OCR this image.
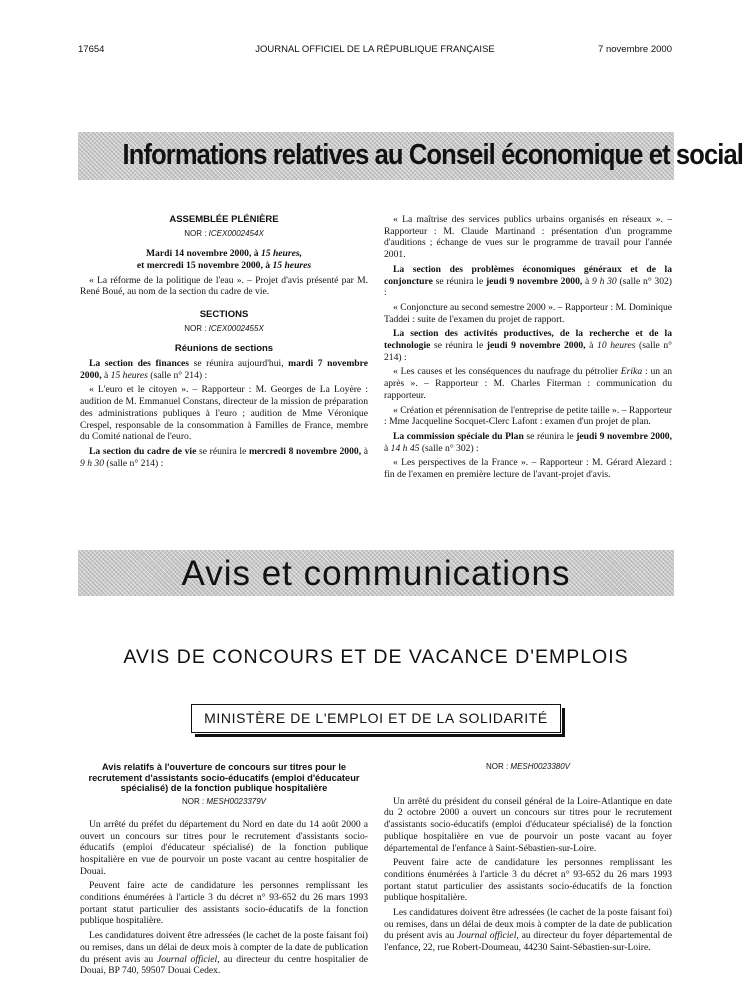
17654	JOURNAL OFFICIEL DE LA RÉPUBLIQUE FRANÇAISE	7 novembre 2000
Informations relatives au Conseil économique et social
ASSEMBLÉE PLÉNIÈRE
NOR : ICEX0002454X
Mardi 14 novembre 2000, à 15 heures,
et mercredi 15 novembre 2000, à 15 heures

« La réforme de la politique de l'eau ». – Projet d'avis présenté par M. René Boué, au nom de la section du cadre de vie.

SECTIONS
NOR : ICEX0002455X
Réunions de sections

La section des finances se réunira aujourd'hui, mardi 7 novembre 2000, à 15 heures (salle n° 214) :

« L'euro et le citoyen ». – Rapporteur : M. Georges de La Loyère : audition de M. Emmanuel Constans, directeur de la mission de préparation des administrations publiques à l'euro ; audition de Mme Véronique Crespel, responsable de la consommation à Familles de France, membre du Comité national de l'euro.

La section du cadre de vie se réunira le mercredi 8 novembre 2000, à 9 h 30 (salle n° 214) :

« La maîtrise des services publics urbains organisés en réseaux ». – Rapporteur : M. Claude Martinand : présentation d'un programme d'auditions ; échange de vues sur le programme de travail pour l'année 2001.

La section des problèmes économiques généraux et de la conjoncture se réunira le jeudi 9 novembre 2000, à 9 h 30 (salle n° 302) :

« Conjoncture au second semestre 2000 ». – Rapporteur : M. Dominique Taddei : suite de l'examen du projet de rapport.

La section des activités productives, de la recherche et de la technologie se réunira le jeudi 9 novembre 2000, à 10 heures (salle n° 214) :

« Les causes et les conséquences du naufrage du pétrolier Erika : un an après ». – Rapporteur : M. Charles Fiterman : communication du rapporteur.

« Création et pérennisation de l'entreprise de petite taille ». – Rapporteur : Mme Jacqueline Socquet-Clerc Lafont : examen d'un projet de plan.

La commission spéciale du Plan se réunira le jeudi 9 novembre 2000, à 14 h 45 (salle n° 302) :

« Les perspectives de la France ». – Rapporteur : M. Gérard Alezard : fin de l'examen en première lecture de l'avant-projet d'avis.

Avis et communications
AVIS DE CONCOURS ET DE VACANCE D'EMPLOIS
MINISTÈRE DE L'EMPLOI ET DE LA SOLIDARITÉ
Avis relatifs à l'ouverture de concours sur titres pour le recrutement d'assistants socio-éducatifs (emploi d'éducateur spécialisé) de la fonction publique hospitalière
NOR : MESH0023379V

Un arrêté du préfet du département du Nord en date du 14 août 2000 a ouvert un concours sur titres pour le recrutement d'assistants socio-éducatifs (emploi d'éducateur spécialisé) de la fonction publique hospitalière en vue de pourvoir un poste vacant au centre hospitalier de Douai.

Peuvent faire acte de candidature les personnes remplissant les conditions énumérées à l'article 3 du décret n° 93-652 du 26 mars 1993 portant statut particulier des assistants socio-éducatifs de la fonction publique hospitalière.

Les candidatures doivent être adressées (le cachet de la poste faisant foi) ou remises, dans un délai de deux mois à compter de la date de publication du présent avis au Journal officiel, au directeur du centre hospitalier de Douai, BP 740, 59507 Douai Cedex.

NOR : MESH0023380V

Un arrêté du président du conseil général de la Loire-Atlantique en date du 2 octobre 2000 a ouvert un concours sur titres pour le recrutement d'assistants socio-éducatifs (emploi d'éducateur spécialisé) de la fonction publique hospitalière en vue de pourvoir un poste vacant au foyer départemental de l'enfance à Saint-Sébastien-sur-Loire.

Peuvent faire acte de candidature les personnes remplissant les conditions énumérées à l'article 3 du décret n° 93-652 du 26 mars 1993 portant statut particulier des assistants socio-éducatifs de la fonction publique hospitalière.

Les candidatures doivent être adressées (le cachet de la poste faisant foi) ou remises, dans un délai de deux mois à compter de la date de publication du présent avis au Journal officiel, au directeur du foyer départemental de l'enfance, 22, rue Robert-Doumeau, 44230 Saint-Sébastien-sur-Loire.
